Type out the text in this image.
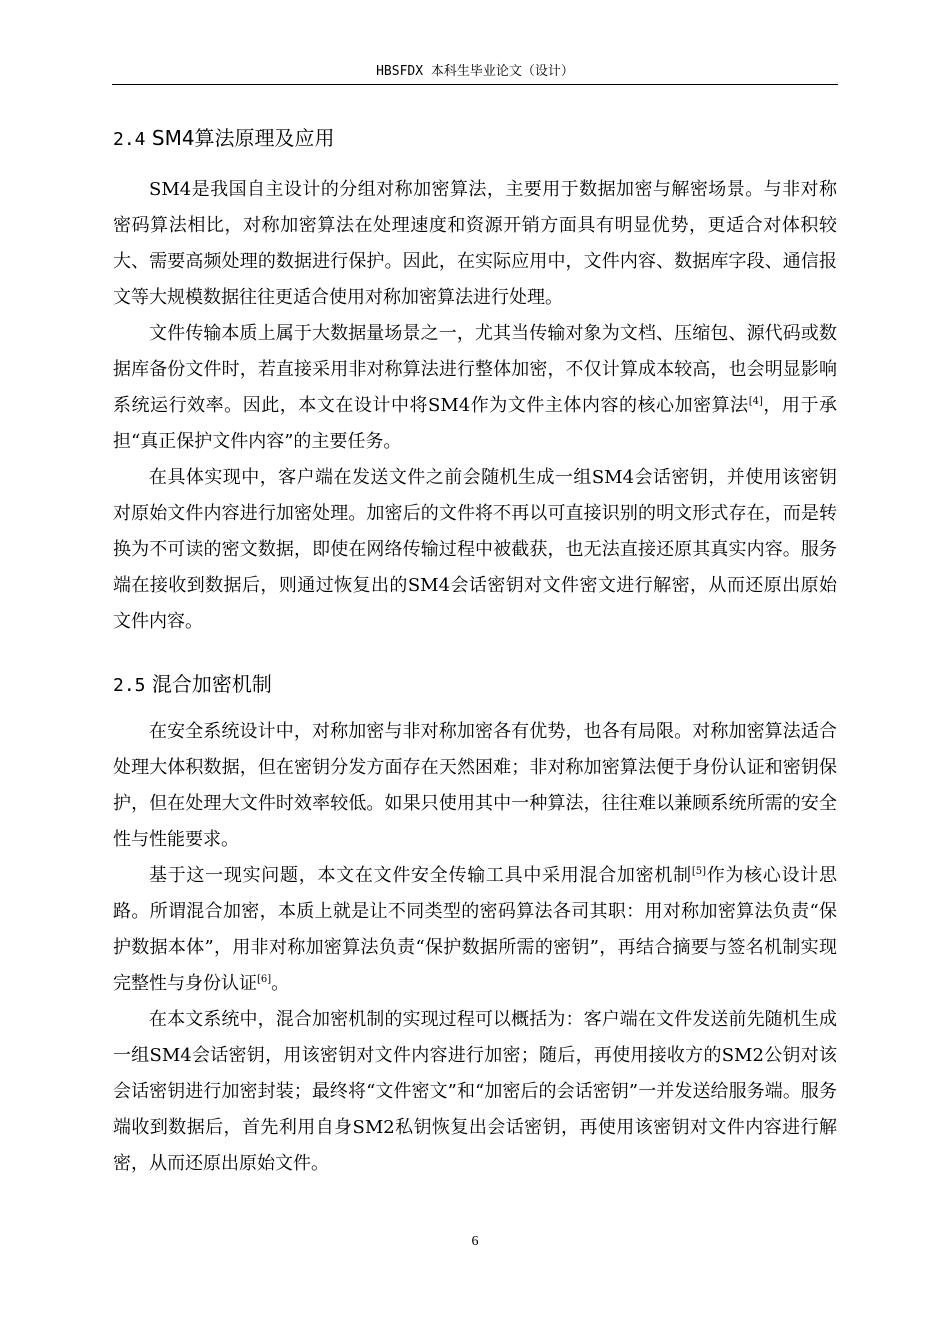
HBSFDX 本科生毕业论文（设计）
2.4 SM4算法原理及应用

SM4是我国自主设计的分组对称加密算法，主要用于数据加密与解密场景。与非对称密码算法相比，对称加密算法在处理速度和资源开销方面具有明显优势，更适合对体积较大、需要高频处理的数据进行保护。因此，在实际应用中，文件内容、数据库字段、通信报文等大规模数据往往更适合使用对称加密算法进行处理。

文件传输本质上属于大数据量场景之一，尤其当传输对象为文档、压缩包、源代码或数据库备份文件时，若直接采用非对称算法进行整体加密，不仅计算成本较高，也会明显影响系统运行效率。因此，本文在设计中将SM4作为文件主体内容的核心加密算法[4]，用于承担“真正保护文件内容”的主要任务。

在具体实现中，客户端在发送文件之前会随机生成一组SM4会话密钥，并使用该密钥对原始文件内容进行加密处理。加密后的文件将不再以可直接识别的明文形式存在，而是转换为不可读的密文数据，即使在网络传输过程中被截获，也无法直接还原其真实内容。服务端在接收到数据后，则通过恢复出的SM4会话密钥对文件密文进行解密，从而还原出原始文件内容。

2.5 混合加密机制

在安全系统设计中，对称加密与非对称加密各有优势，也各有局限。对称加密算法适合处理大体积数据，但在密钥分发方面存在天然困难；非对称加密算法便于身份认证和密钥保护，但在处理大文件时效率较低。如果只使用其中一种算法，往往难以兼顾系统所需的安全性与性能要求。

基于这一现实问题，本文在文件安全传输工具中采用混合加密机制[5]作为核心设计思路。所谓混合加密，本质上就是让不同类型的密码算法各司其职：用对称加密算法负责“保护数据本体”，用非对称加密算法负责“保护数据所需的密钥”，再结合摘要与签名机制实现完整性与身份认证[6]。

在本文系统中，混合加密机制的实现过程可以概括为：客户端在文件发送前先随机生成一组SM4会话密钥，用该密钥对文件内容进行加密；随后，再使用接收方的SM2公钥对该会话密钥进行加密封装；最终将“文件密文”和“加密后的会话密钥”一并发送给服务端。服务端收到数据后，首先利用自身SM2私钥恢复出会话密钥，再使用该密钥对文件内容进行解密，从而还原出原始文件。

6
